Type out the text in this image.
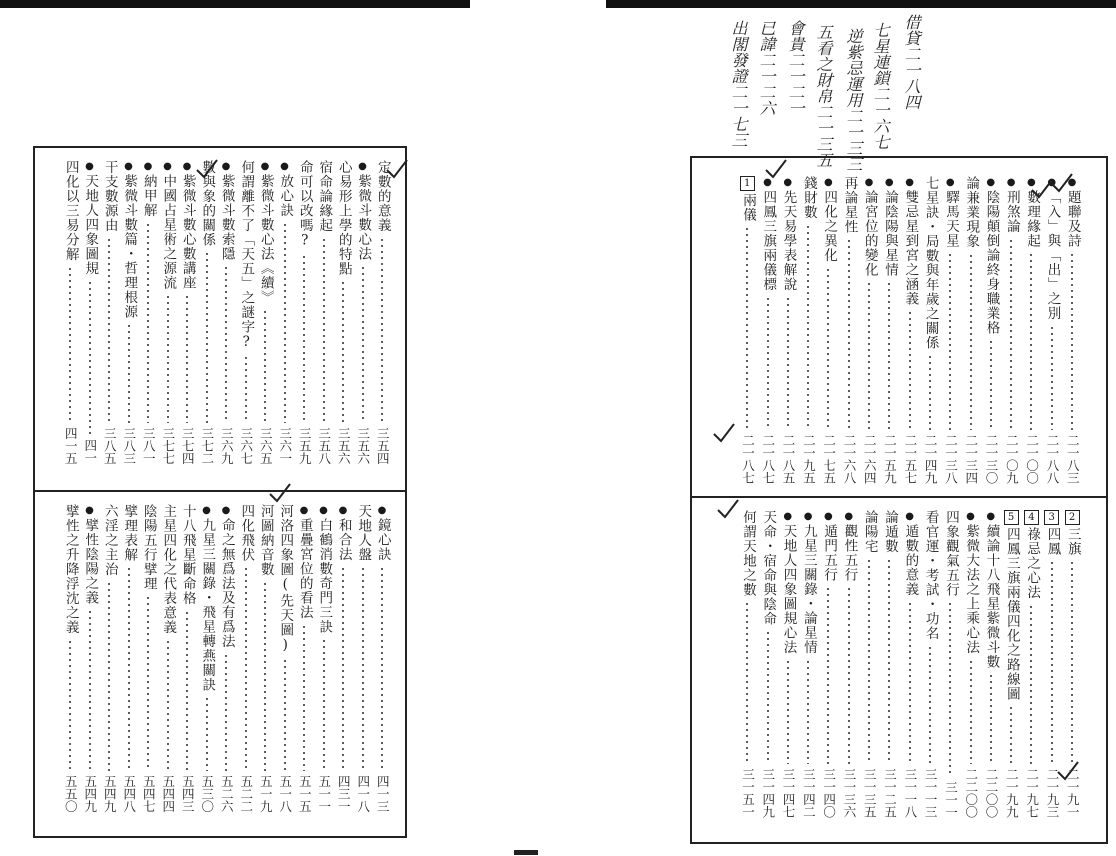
定數的意義
三五四
●
紫微斗數心法
三五六
心易形上學的特點
三五六
宿命論緣起
三五八
命可以改嗎?
三五九
●
放心訣
三六一
●
紫微斗數心法《續》
三六五
何謂離不了「天五」之謎字?
三六七
●
紫微斗數索隱
三六九
數與象的關係
三七二
●
紫微斗數心數講座
三七四
●
中國占星術之源流
三七七
●
納甲解
三八一
●
紫微斗數篇・哲理根源
三八三
干支數源由
三八五
●
天地人四象圖規
四一
四化以三易分解
四一五
●
鏡心訣
四一三
天地人盤
四一八
●
和合法
四三一
●
白鶴消數奇門三訣
五一一
●
重疊宮位的看法
五一五
河洛四象圖(先天圖)
五一八
河圖納音數
五一九
四化飛伏
五二二
●
命之無爲法及有爲法
五二六
●
九星三關錄・飛星轉燕關訣
五三〇
十八飛星斷命格
五四三
主星四化之代表意義
五四四
陰陽五行擘理
五四七
擘理表解
五四八
六淫之主治
五四九
●
擘性陰陽之義
五四九
擘性之升降浮沈之義
五五〇
●
題聯及詩
二一八三
●
「入」與「出」之別
二一八八
●
數理緣起
二一〇〇
●
刑煞論
二一〇九
●
陰陽顛倒論終身職業格
二一三〇
論兼業現象
二一三四
●
驛馬天星
二一三八
七星訣・局數與年歲之關係
二一四九
●
雙忌星到宮之涵義
二一五七
●
論陰陽與星情
二一五九
●
論宮位的變化
二一六四
再論星性
二一六八
●
四化之異化
二一七五
錢財數
二一九五
●
先天易學表解說
二一八五
●
四鳳三旗兩儀標
二一八七
1
兩儀
二一八七
2
三旗
二一九一
3
四鳳
二一九三
4
祿忌之心法
二一九七
5
四鳳三旗兩儀四化之路線圖
二一九九
●
續論十八飛星紫微斗數
二二〇〇
●
紫微大法之上乘心法
二二〇〇
四象觀氣五行
三一一
看官運・考試・功名
三一一三
●
遁數的意義
三一一八
論遁數
三一二五
論陽宅
三一三五
●
觀性五行
三一三六
●
遁門五行
三一四〇
●
九星三關錄・論星情
三一四二
●
天地人四象圖規心法
三一四七
天命・宿命與陰命
三一四九
何謂天地之數
三一五一
借貸二一八四
七星連鎖二一六七
逆紫忌運用二一三三
五看之財帛二一三五
會貴二一二一
已諱二一二六
出閣發證二一七三
